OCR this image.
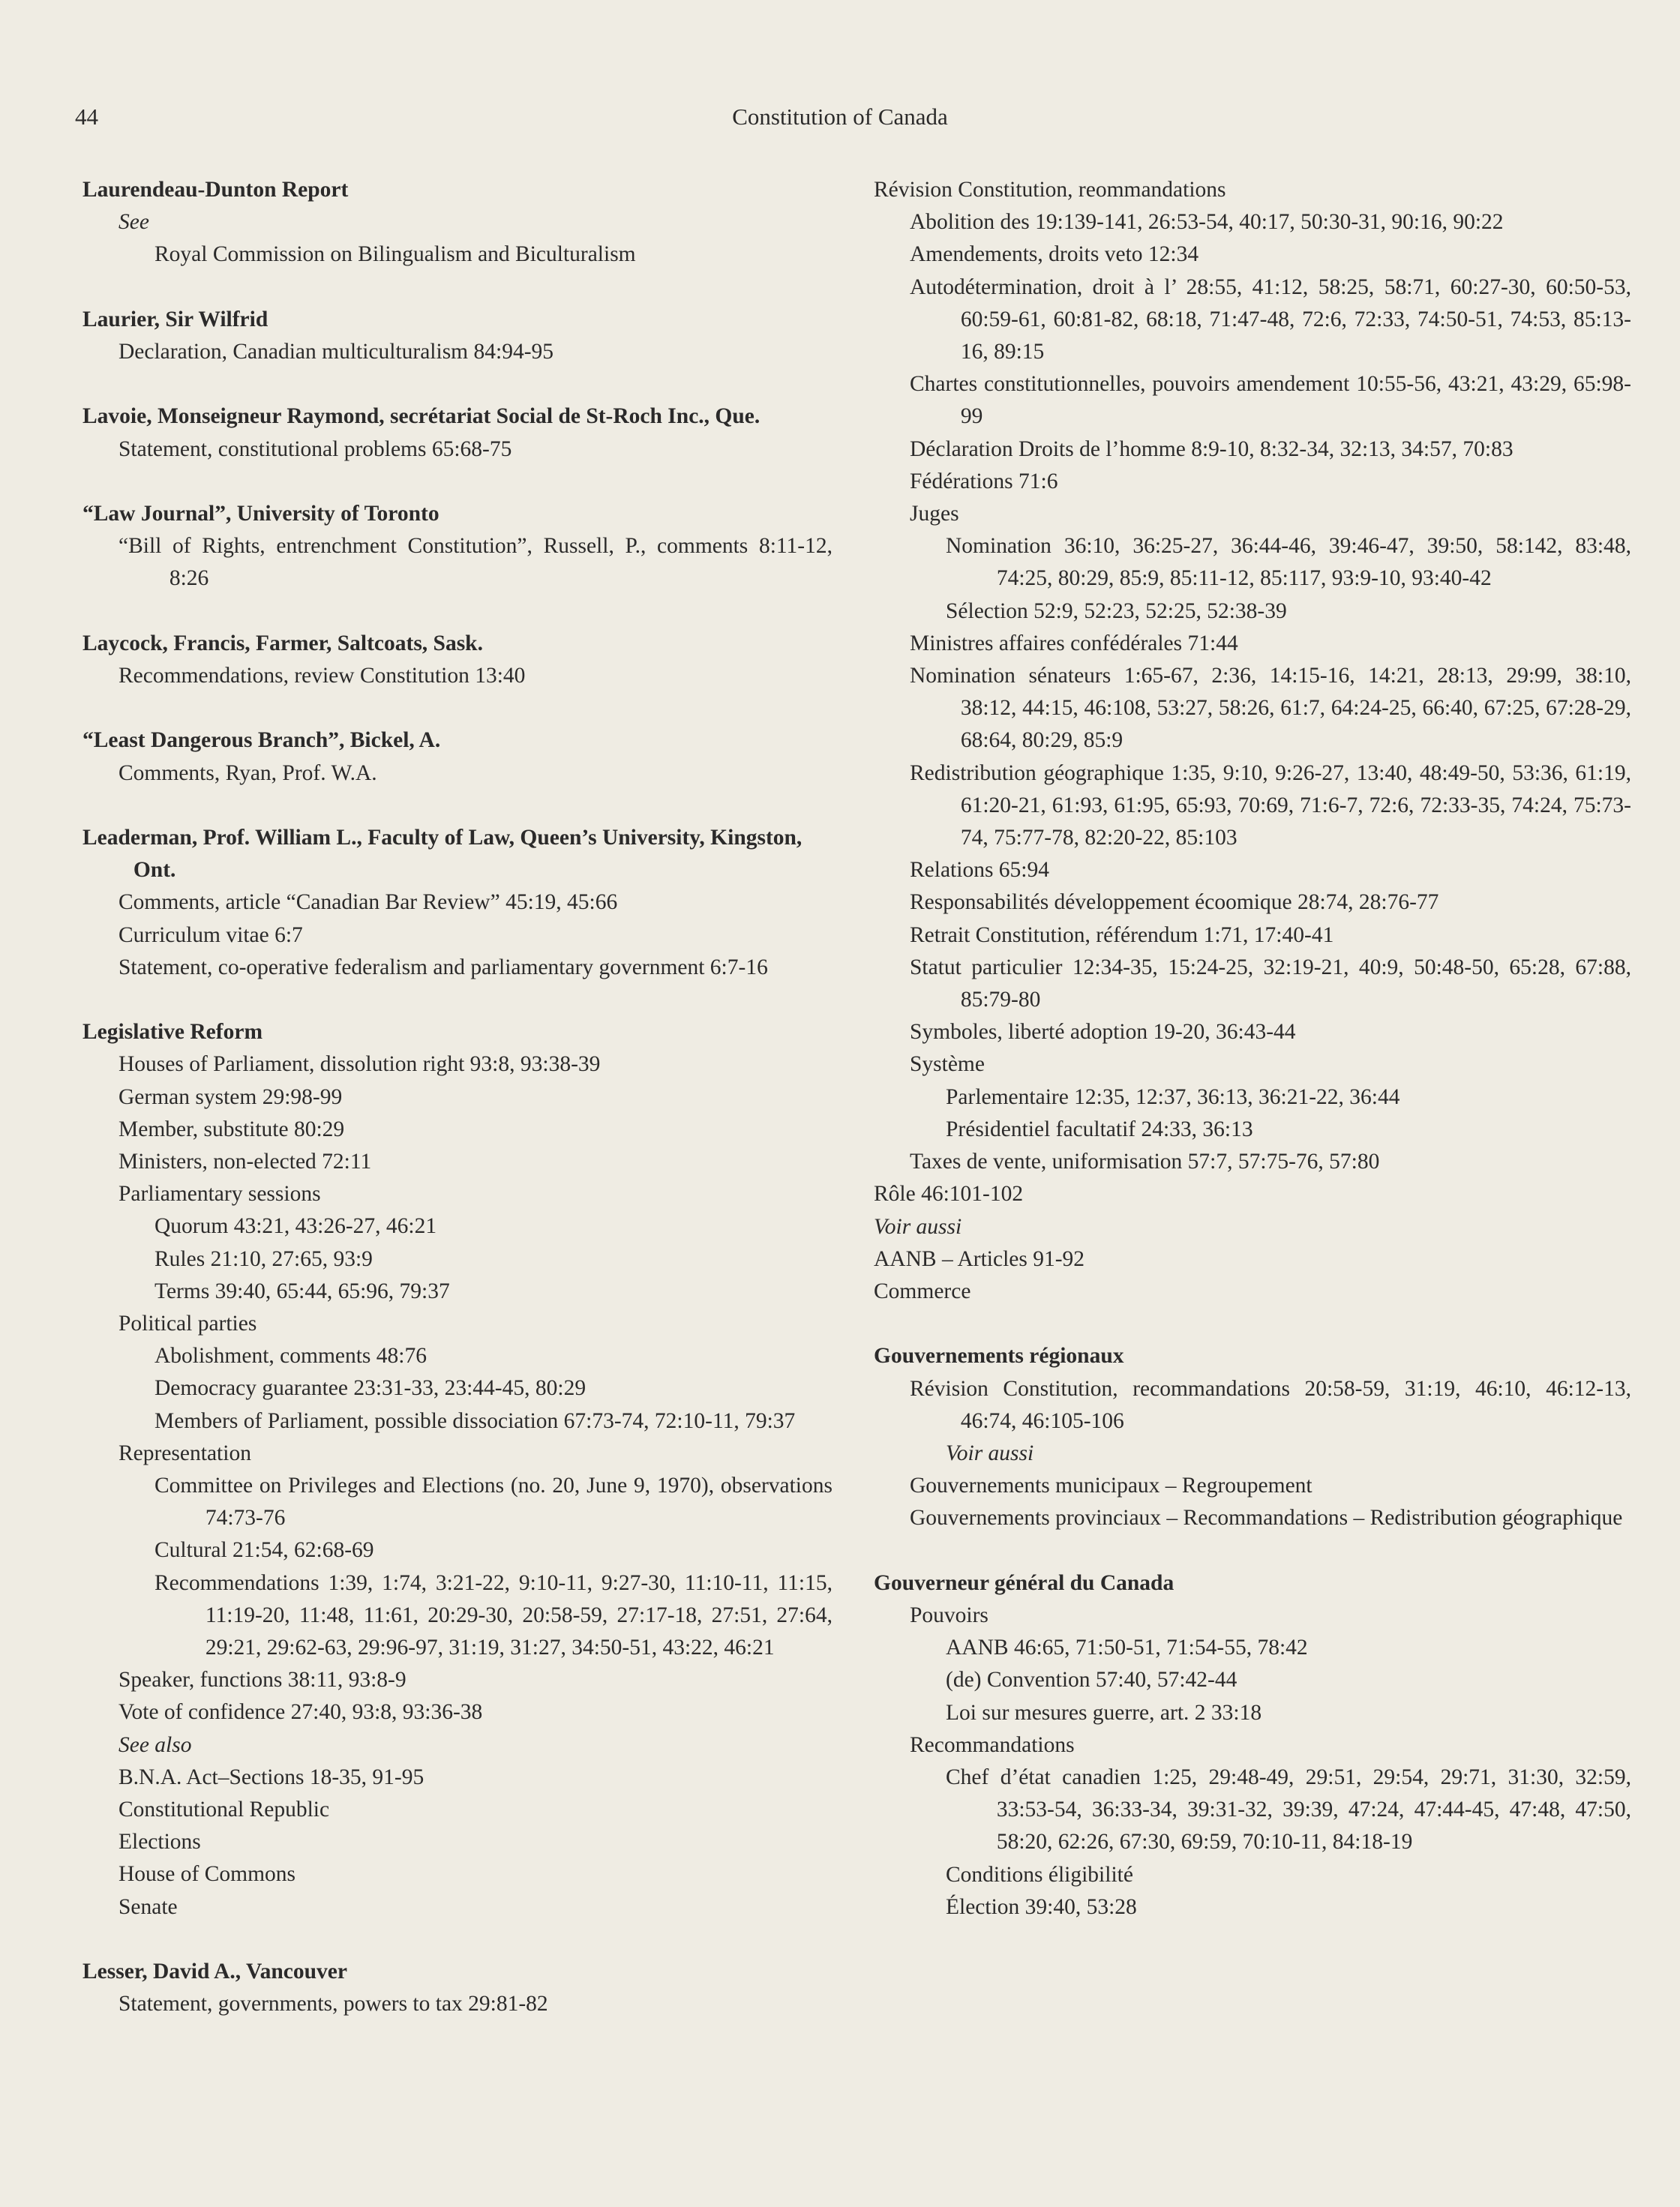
44	Constitution of Canada
Laurendeau-Dunton Report
See
Royal Commission on Bilingualism and Biculturalism
Laurier, Sir Wilfrid
Declaration, Canadian multiculturalism 84:94-95
Lavoie, Monseigneur Raymond, secrétariat Social de St-Roch Inc., Que.
Statement, constitutional problems 65:68-75
“Law Journal”, University of Toronto
“Bill of Rights, entrenchment Constitution”, Russell, P., comments 8:11-12, 8:26
Laycock, Francis, Farmer, Saltcoats, Sask.
Recommendations, review Constitution 13:40
“Least Dangerous Branch”, Bickel, A.
Comments, Ryan, Prof. W.A.
Leaderman, Prof. William L., Faculty of Law, Queen’s University, Kingston, Ont.
Comments, article “Canadian Bar Review” 45:19, 45:66
Curriculum vitae 6:7
Statement, co-operative federalism and parliamentary government 6:7-16
Legislative Reform
Houses of Parliament, dissolution right 93:8, 93:38-39
German system 29:98-99
Member, substitute 80:29
Ministers, non-elected 72:11
Parliamentary sessions
Quorum 43:21, 43:26-27, 46:21
Rules 21:10, 27:65, 93:9
Terms 39:40, 65:44, 65:96, 79:37
Political parties
Abolishment, comments 48:76
Democracy guarantee 23:31-33, 23:44-45, 80:29
Members of Parliament, possible dissociation 67:73-74, 72:10-11, 79:37
Representation
Committee on Privileges and Elections (no. 20, June 9, 1970), observations 74:73-76
Cultural 21:54, 62:68-69
Recommendations 1:39, 1:74, 3:21-22, 9:10-11, 9:27-30, 11:10-11, 11:15, 11:19-20, 11:48, 11:61, 20:29-30, 20:58-59, 27:17-18, 27:51, 27:64, 29:21, 29:62-63, 29:96-97, 31:19, 31:27, 34:50-51, 43:22, 46:21
Speaker, functions 38:11, 93:8-9
Vote of confidence 27:40, 93:8, 93:36-38
See also
B.N.A. Act–Sections 18-35, 91-95
Constitutional Republic
Elections
House of Commons
Senate
Lesser, David A., Vancouver
Statement, governments, powers to tax 29:81-82
Révision Constitution, reommandations
Abolition des 19:139-141, 26:53-54, 40:17, 50:30-31, 90:16, 90:22
Amendements, droits veto 12:34
Autodétermination, droit à l’ 28:55, 41:12, 58:25, 58:71, 60:27-30, 60:50-53, 60:59-61, 60:81-82, 68:18, 71:47-48, 72:6, 72:33, 74:50-51, 74:53, 85:13-16, 89:15
Chartes constitutionnelles, pouvoirs amendement 10:55-56, 43:21, 43:29, 65:98-99
Déclaration Droits de l’homme 8:9-10, 8:32-34, 32:13, 34:57, 70:83
Fédérations 71:6
Juges
Nomination 36:10, 36:25-27, 36:44-46, 39:46-47, 39:50, 58:142, 83:48, 74:25, 80:29, 85:9, 85:11-12, 85:117, 93:9-10, 93:40-42
Sélection 52:9, 52:23, 52:25, 52:38-39
Ministres affaires confédérales 71:44
Nomination sénateurs 1:65-67, 2:36, 14:15-16, 14:21, 28:13, 29:99, 38:10, 38:12, 44:15, 46:108, 53:27, 58:26, 61:7, 64:24-25, 66:40, 67:25, 67:28-29, 68:64, 80:29, 85:9
Redistribution géographique 1:35, 9:10, 9:26-27, 13:40, 48:49-50, 53:36, 61:19, 61:20-21, 61:93, 61:95, 65:93, 70:69, 71:6-7, 72:6, 72:33-35, 74:24, 75:73-74, 75:77-78, 82:20-22, 85:103
Relations 65:94
Responsabilités développement écoomique 28:74, 28:76-77
Retrait Constitution, référendum 1:71, 17:40-41
Statut particulier 12:34-35, 15:24-25, 32:19-21, 40:9, 50:48-50, 65:28, 67:88, 85:79-80
Symboles, liberté adoption 19-20, 36:43-44
Système
Parlementaire 12:35, 12:37, 36:13, 36:21-22, 36:44
Présidentiel facultatif 24:33, 36:13
Taxes de vente, uniformisation 57:7, 57:75-76, 57:80
Rôle 46:101-102
Voir aussi
AANB – Articles 91-92
Commerce
Gouvernements régionaux
Révision Constitution, recommandations 20:58-59, 31:19, 46:10, 46:12-13, 46:74, 46:105-106
Voir aussi
Gouvernements municipaux – Regroupement
Gouvernements provinciaux – Recommandations – Redistribution géographique
Gouverneur général du Canada
Pouvoirs
AANB 46:65, 71:50-51, 71:54-55, 78:42
(de) Convention 57:40, 57:42-44
Loi sur mesures guerre, art. 2 33:18
Recommandations
Chef d’état canadien 1:25, 29:48-49, 29:51, 29:54, 29:71, 31:30, 32:59, 33:53-54, 36:33-34, 39:31-32, 39:39, 47:24, 47:44-45, 47:48, 47:50, 58:20, 62:26, 67:30, 69:59, 70:10-11, 84:18-19
Conditions éligibilité
Élection 39:40, 53:28
